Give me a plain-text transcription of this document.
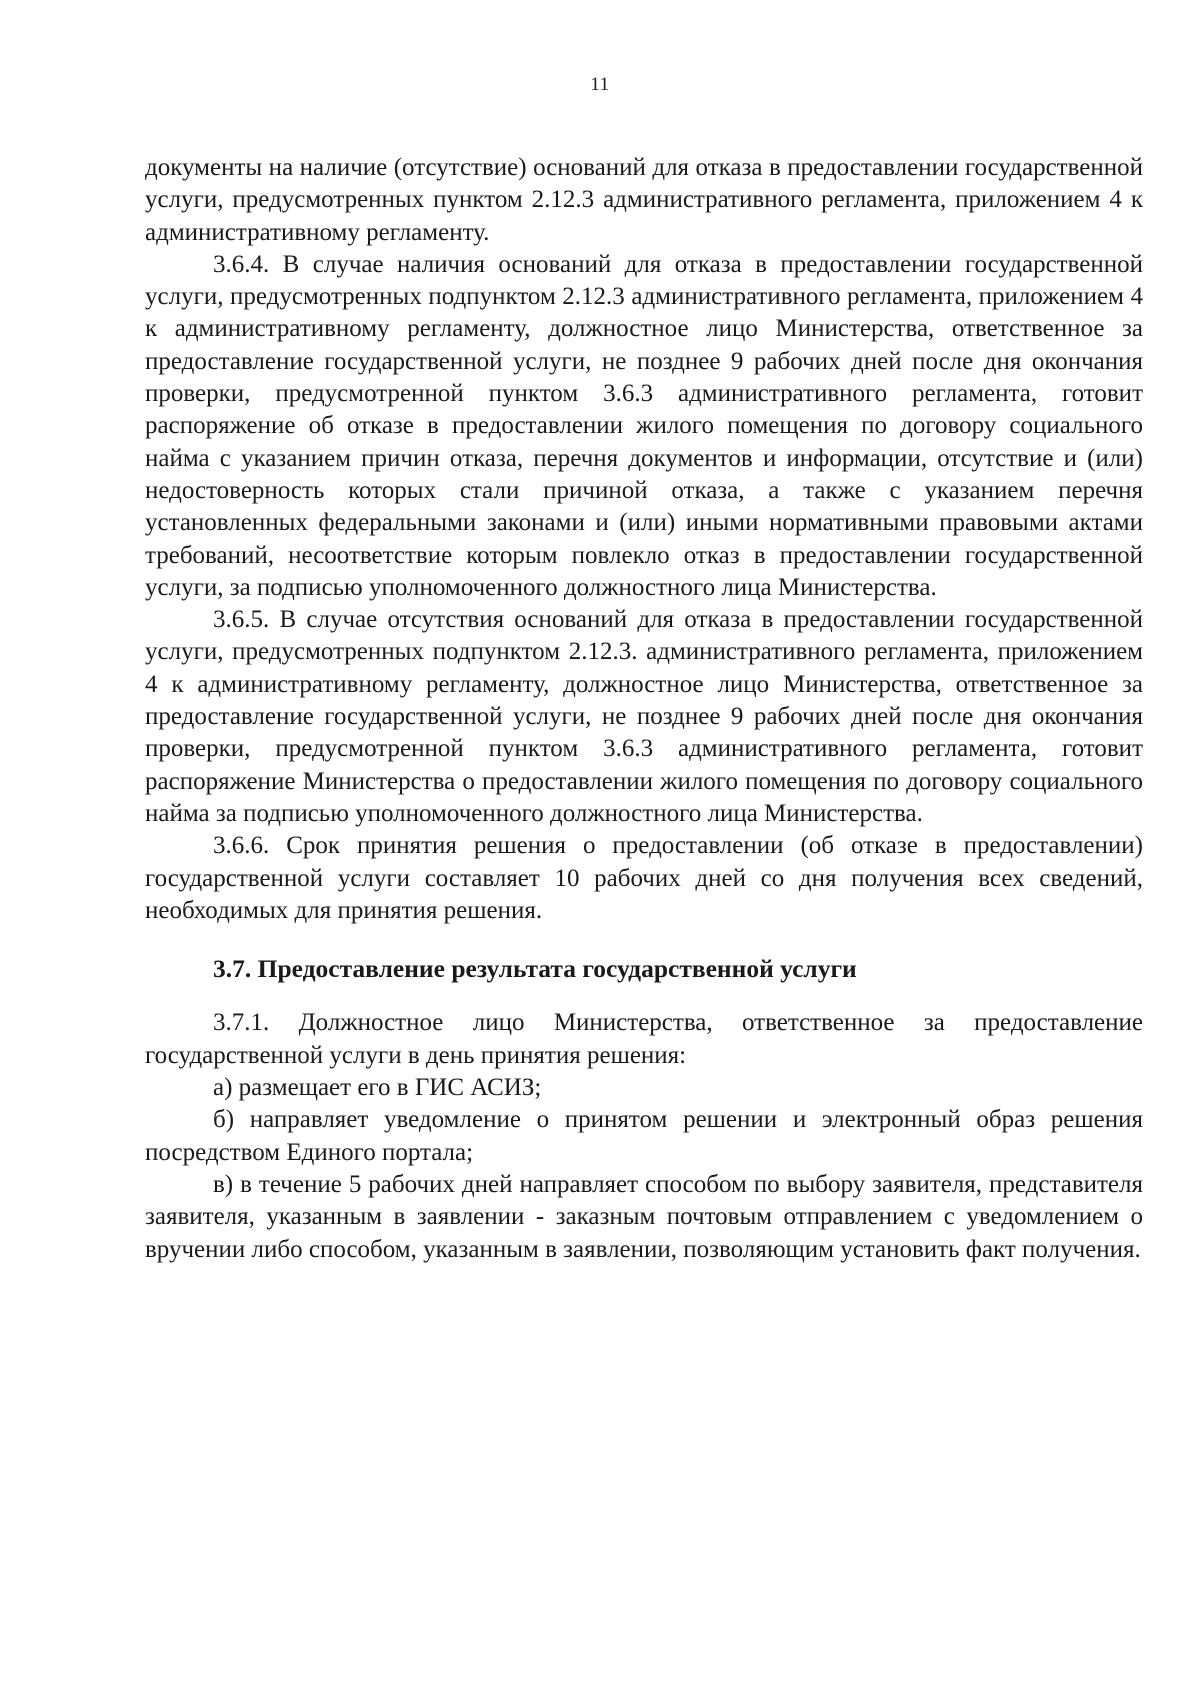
11

документы на наличие (отсутствие) оснований для отказа в предоставлении государственной услуги, предусмотренных пунктом 2.12.3 административного регламента, приложением 4 к административному регламенту.

3.6.4. В случае наличия оснований для отказа в предоставлении государственной услуги, предусмотренных подпунктом 2.12.3 административного регламента, приложением 4 к административному регламенту, должностное лицо Министерства, ответственное за предоставление государственной услуги, не позднее 9 рабочих дней после дня окончания проверки, предусмотренной пунктом 3.6.3 административного регламента, готовит распоряжение об отказе в предоставлении жилого помещения по договору социального найма с указанием причин отказа, перечня документов и информации, отсутствие и (или) недостоверность которых стали причиной отказа, а также с указанием перечня установленных федеральными законами и (или) иными нормативными правовыми актами требований, несоответствие которым повлекло отказ в предоставлении государственной услуги, за подписью уполномоченного должностного лица Министерства.

3.6.5. В случае отсутствия оснований для отказа в предоставлении государственной услуги, предусмотренных подпунктом 2.12.3. административного регламента, приложением 4 к административному регламенту, должностное лицо Министерства, ответственное за предоставление государственной услуги, не позднее 9 рабочих дней после дня окончания проверки, предусмотренной пунктом 3.6.3 административного регламента, готовит распоряжение Министерства о предоставлении жилого помещения по договору социального найма за подписью уполномоченного должностного лица Министерства.

3.6.6. Срок принятия решения о предоставлении (об отказе в предоставлении) государственной услуги составляет 10 рабочих дней со дня получения всех сведений, необходимых для принятия решения.

3.7. Предоставление результата государственной услуги

3.7.1. Должностное лицо Министерства, ответственное за предоставление государственной услуги в день принятия решения:

а) размещает его в ГИС АСИЗ;

б) направляет уведомление о принятом решении и электронный образ решения посредством Единого портала;

в) в течение 5 рабочих дней направляет способом по выбору заявителя, представителя заявителя, указанным в заявлении - заказным почтовым отправлением с уведомлением о вручении либо способом, указанным в заявлении, позволяющим установить факт получения.
